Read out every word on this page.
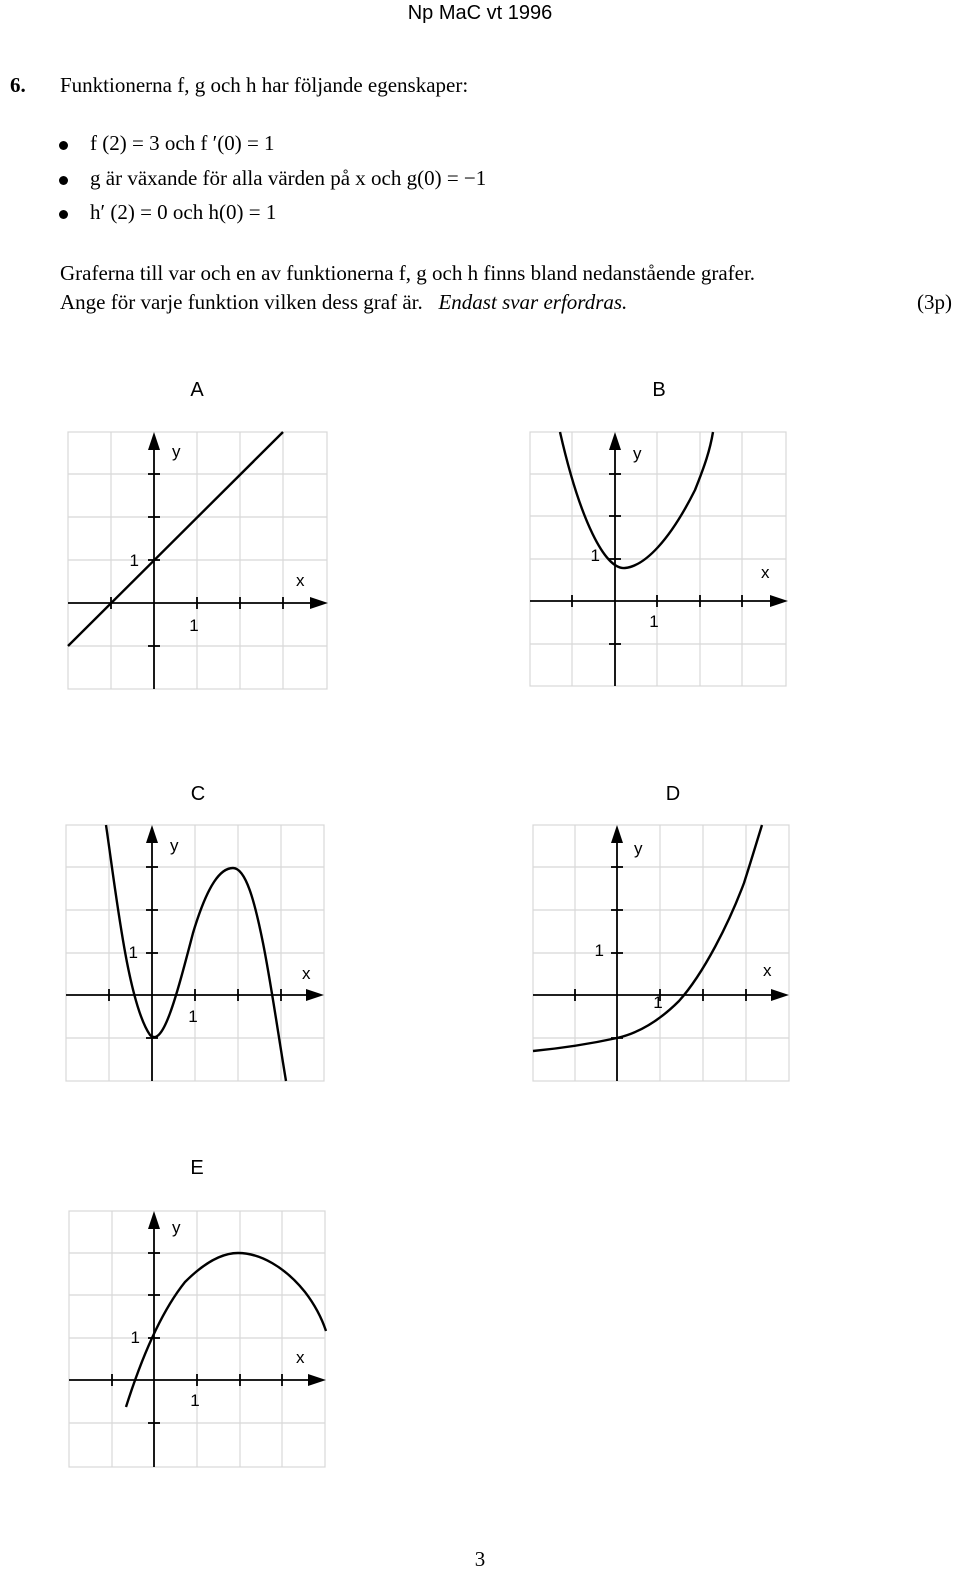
Np MaC vt 1996
6. Funktionerna f, g och h har följande egenskaper:
f (2) = 3 och f ′(0) = 1
g är växande för alla värden på x och g(0) = −1
h′ (2) = 0 och h(0) = 1
Graferna till var och en av funktionerna f, g och h finns bland nedanstående grafer.
Ange för varje funktion vilken dess graf är. Endast svar erfordras.	(3p)
A
y
x
1
1
B
y
x
1
1
C
y
x
1
1
D
y
x
1
1
E
y
x
1
1
3
